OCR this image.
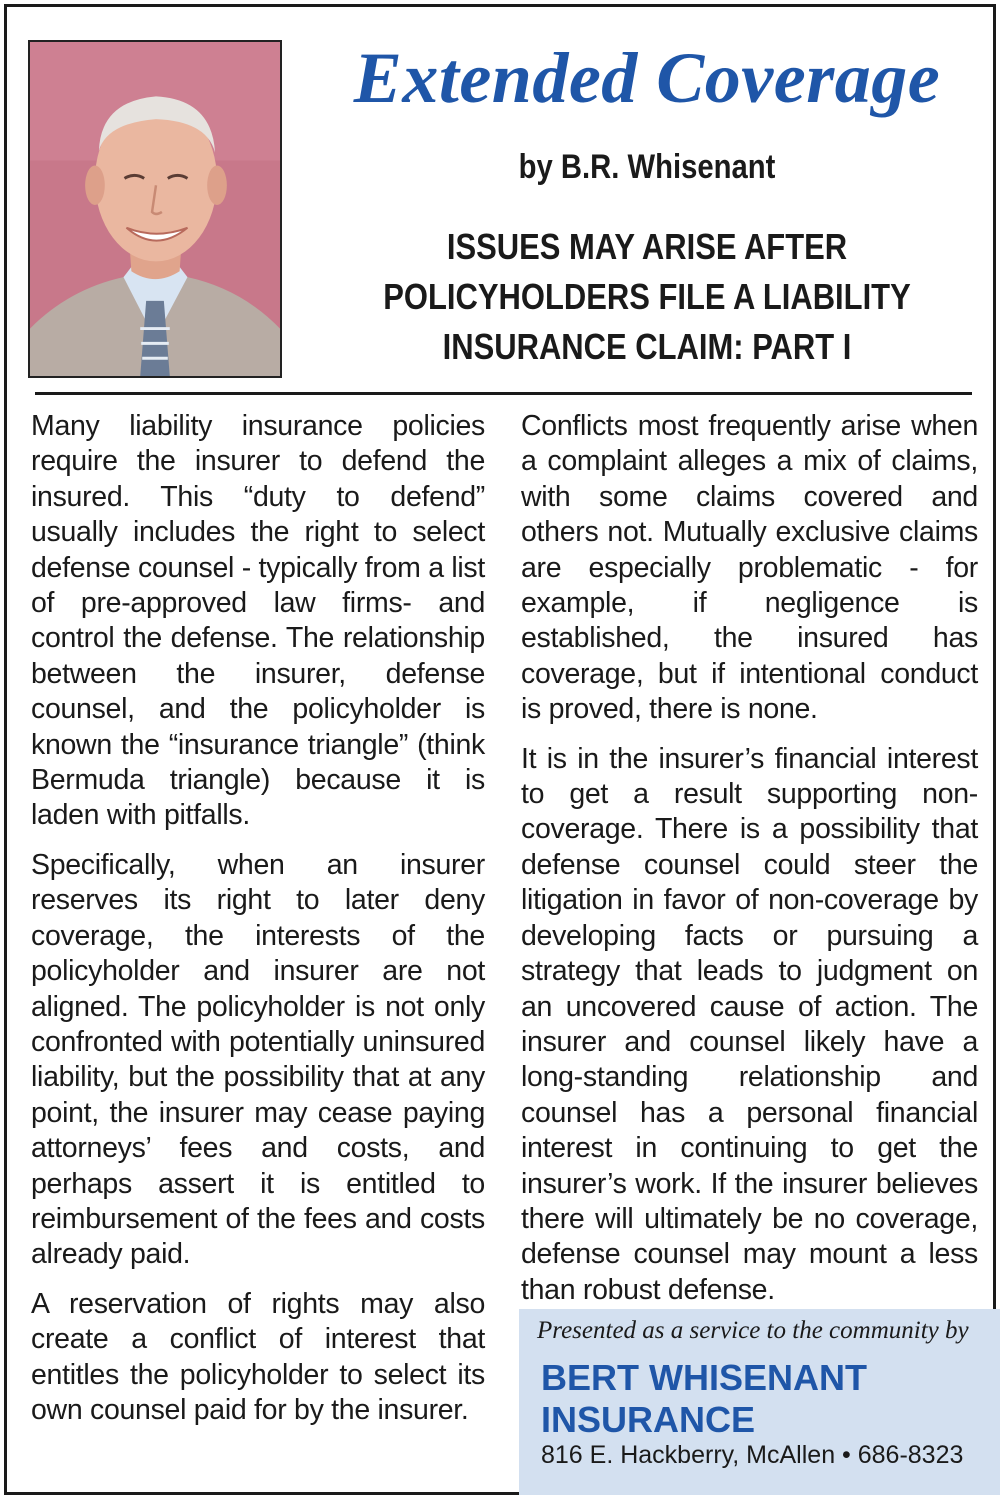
Extended Coverage
by B.R. Whisenant
ISSUES MAY ARISE AFTER
POLICYHOLDERS FILE A LIABILITY
INSURANCE CLAIM: PART I

Many liability insurance policies require the insurer to defend the insured. This “duty to defend” usually includes the right to select defense counsel - typically from a list of pre-approved law firms- and control the defense. The relationship between the insurer, defense counsel, and the policyholder is known the “insurance triangle” (think Bermuda triangle) because it is laden with pitfalls.

Specifically, when an insurer reserves its right to later deny coverage, the interests of the policyholder and insurer are not aligned. The policyholder is not only confronted with potentially uninsured liability, but the possibility that at any point, the insurer may cease paying attorneys’ fees and costs, and perhaps assert it is entitled to reimbursement of the fees and costs already paid.

A reservation of rights may also create a conflict of interest that entitles the policyholder to select its own counsel paid for by the insurer.

Conflicts most frequently arise when a complaint alleges a mix of claims, with some claims covered and others not. Mutually exclusive claims are especially problematic - for example, if negligence is established, the insured has coverage, but if intentional conduct is proved, there is none.

It is in the insurer’s financial interest to get a result supporting non-coverage. There is a possibility that defense counsel could steer the litigation in favor of non-coverage by developing facts or pursuing a strategy that leads to judgment on an uncovered cause of action. The insurer and counsel likely have a long-standing relationship and counsel has a personal financial interest in continuing to get the insurer’s work. If the insurer believes there will ultimately be no coverage, defense counsel may mount a less than robust defense.

Presented as a service to the community by
BERT WHISENANT
INSURANCE
816 E. Hackberry, McAllen • 686-8323
